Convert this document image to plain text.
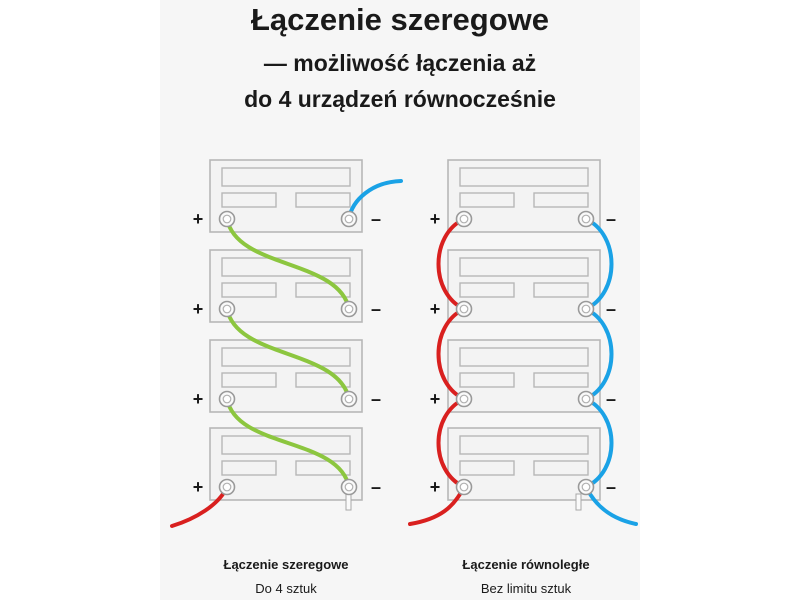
Łączenie szeregowe
— możliwość łączenia aż
do 4 urządzeń równocześnie
+	–
+	–
+	–
+	–
+	–
+	–
+	–
+	–
Łączenie szeregowe
Do 4 sztuk
Łączenie równoległe
Bez limitu sztuk
